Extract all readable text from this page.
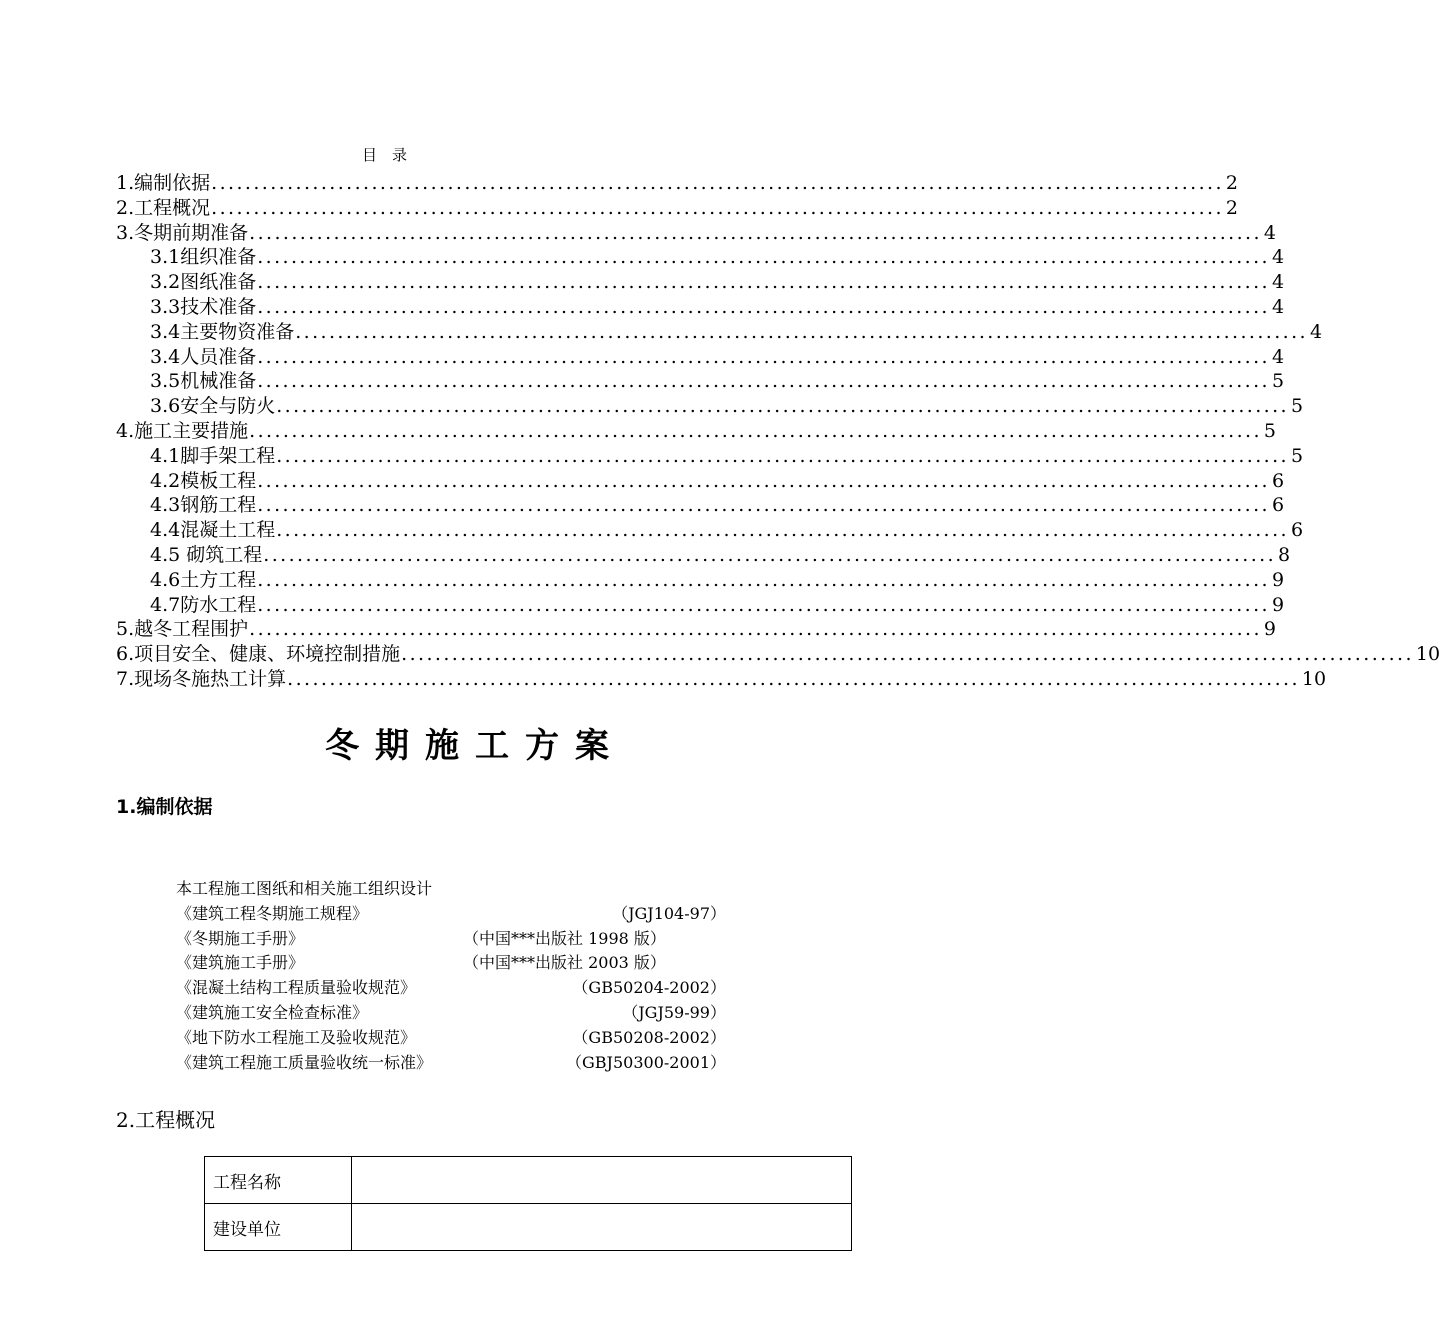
目　录
1.编制依据 ........................................................................................................................ 2
2.工程概况 ........................................................................................................................ 2
3.冬期前期准备 ........................................................................................................................ 4
3.1组织准备 ........................................................................................................................ 4
3.2图纸准备 ........................................................................................................................ 4
3.3技术准备 ........................................................................................................................ 4
3.4主要物资准备 ........................................................................................................................ 4
3.4人员准备 ........................................................................................................................ 4
3.5机械准备 ........................................................................................................................ 5
3.6安全与防火 ........................................................................................................................ 5
4.施工主要措施 ........................................................................................................................ 5
4.1脚手架工程 ........................................................................................................................ 5
4.2模板工程 ........................................................................................................................ 6
4.3钢筋工程 ........................................................................................................................ 6
4.4混凝土工程 ........................................................................................................................ 6
4.5 砌筑工程 ........................................................................................................................ 8
4.6土方工程 ........................................................................................................................ 9
4.7防水工程 ........................................................................................................................ 9
5.越冬工程围护 ........................................................................................................................ 9
6.项目安全、健康、环境控制措施 ........................................................................................................................ 10
7.现场冬施热工计算 ........................................................................................................................ 10
冬期施工方案
1.编制依据
本工程施工图纸和相关施工组织设计
《建筑工程冬期施工规程》	（JGJ104-97）
《冬期施工手册》	（中国***出版社 1998 版）
《建筑施工手册》	（中国***出版社 2003 版）
《混凝土结构工程质量验收规范》	（GB50204-2002）
《建筑施工安全检查标准》	（JGJ59-99）
《地下防水工程施工及验收规范》	（GB50208-2002）
《建筑工程施工质量验收统一标准》	（GBJ50300-2001）
2.工程概况
工程名称	
建设单位	
